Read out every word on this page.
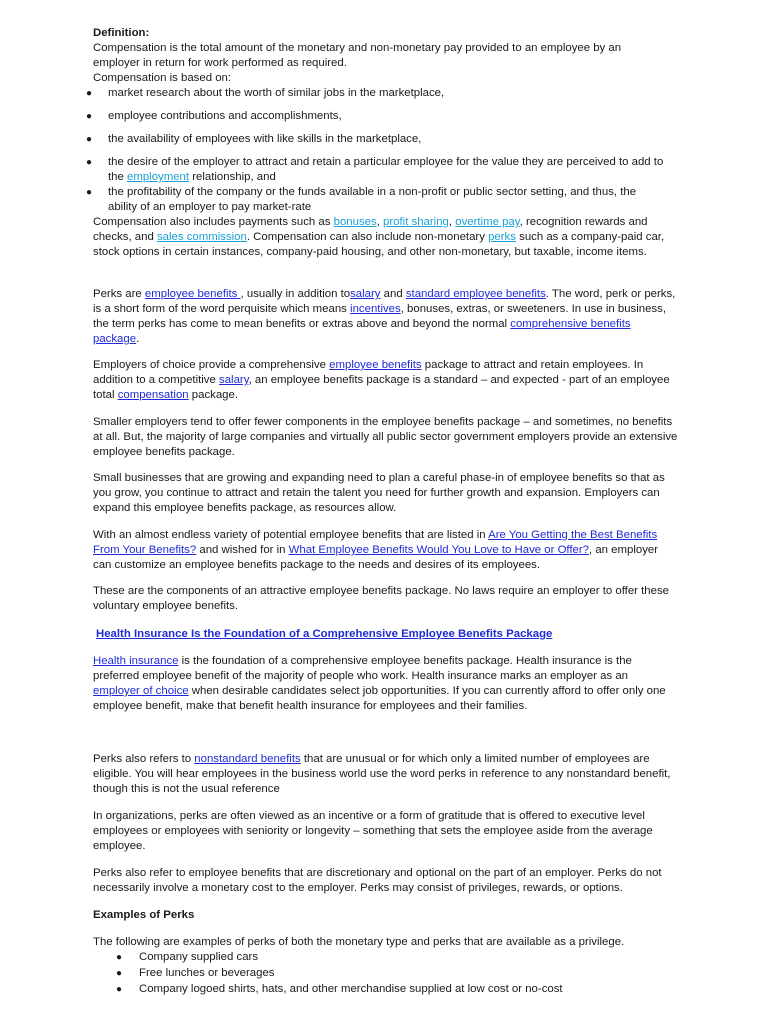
Definition:

Compensation is the total amount of the monetary and non-monetary pay provided to an employee by an employer in return for work performed as required.

Compensation is based on:

● market research about the worth of similar jobs in the marketplace,
● employee contributions and accomplishments,
● the availability of employees with like skills in the marketplace,
● the desire of the employer to attract and retain a particular employee for the value they are perceived to add to the employment relationship, and
● the profitability of the company or the funds available in a non-profit or public sector setting, and thus, the ability of an employer to pay market-rate

Compensation also includes payments such as bonuses, profit sharing, overtime pay, recognition rewards and checks, and sales commission. Compensation can also include non-monetary perks such as a company-paid car, stock options in certain instances, company-paid housing, and other non-monetary, but taxable, income items.

Perks are employee benefits , usually in addition tosalary and standard employee benefits. The word, perk or perks, is a short form of the word perquisite which means incentives, bonuses, extras, or sweeteners. In use in business, the term perks has come to mean benefits or extras above and beyond the normal comprehensive benefits package.

Employers of choice provide a comprehensive employee benefits package to attract and retain employees. In addition to a competitive salary, an employee benefits package is a standard – and expected - part of an employee total compensation package.

Smaller employers tend to offer fewer components in the employee benefits package – and sometimes, no benefits at all. But, the majority of large companies and virtually all public sector government employers provide an extensive employee benefits package.

Small businesses that are growing and expanding need to plan a careful phase-in of employee benefits so that as you grow, you continue to attract and retain the talent you need for further growth and expansion. Employers can expand this employee benefits package, as resources allow.

With an almost endless variety of potential employee benefits that are listed in Are You Getting the Best Benefits From Your Benefits? and wished for in What Employee Benefits Would You Love to Have or Offer?, an employer can customize an employee benefits package to the needs and desires of its employees.

These are the components of an attractive employee benefits package. No laws require an employer to offer these voluntary employee benefits.

Health Insurance Is the Foundation of a Comprehensive Employee Benefits Package

Health insurance is the foundation of a comprehensive employee benefits package. Health insurance is the preferred employee benefit of the majority of people who work. Health insurance marks an employer as an employer of choice when desirable candidates select job opportunities. If you can currently afford to offer only one employee benefit, make that benefit health insurance for employees and their families.

Perks also refers to nonstandard benefits that are unusual or for which only a limited number of employees are eligible. You will hear employees in the business world use the word perks in reference to any nonstandard benefit, though this is not the usual reference

In organizations, perks are often viewed as an incentive or a form of gratitude that is offered to executive level employees or employees with seniority or longevity – something that sets the employee aside from the average employee.

Perks also refer to employee benefits that are discretionary and optional on the part of an employer. Perks do not necessarily involve a monetary cost to the employer. Perks may consist of privileges, rewards, or options.

Examples of Perks

The following are examples of perks of both the monetary type and perks that are available as a privilege.

● Company supplied cars
● Free lunches or beverages
● Company logoed shirts, hats, and other merchandise supplied at low cost or no-cost
